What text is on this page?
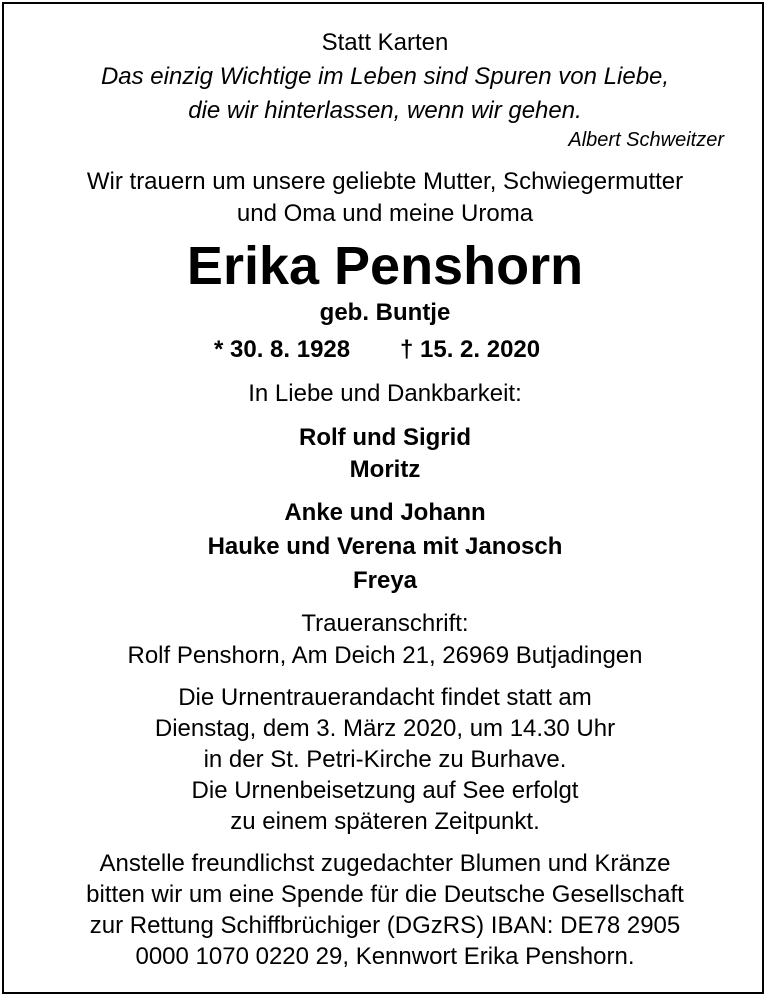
Statt Karten
Das einzig Wichtige im Leben sind Spuren von Liebe,
die wir hinterlassen, wenn wir gehen.
Albert Schweitzer
Wir trauern um unsere geliebte Mutter, Schwiegermutter
und Oma und meine Uroma
Erika Penshorn
geb. Buntje
* 30. 8. 1928 † 15. 2. 2020
In Liebe und Dankbarkeit:
Rolf und Sigrid
Moritz
Anke und Johann
Hauke und Verena mit Janosch
Freya
Traueranschrift:
Rolf Penshorn, Am Deich 21, 26969 Butjadingen
Die Urnentrauerandacht findet statt am
Dienstag, dem 3. März 2020, um 14.30 Uhr
in der St. Petri-Kirche zu Burhave.
Die Urnenbeisetzung auf See erfolgt
zu einem späteren Zeitpunkt.
Anstelle freundlichst zugedachter Blumen und Kränze
bitten wir um eine Spende für die Deutsche Gesellschaft
zur Rettung Schiffbrüchiger (DGzRS) IBAN: DE78 2905
0000 1070 0220 29, Kennwort Erika Penshorn.
